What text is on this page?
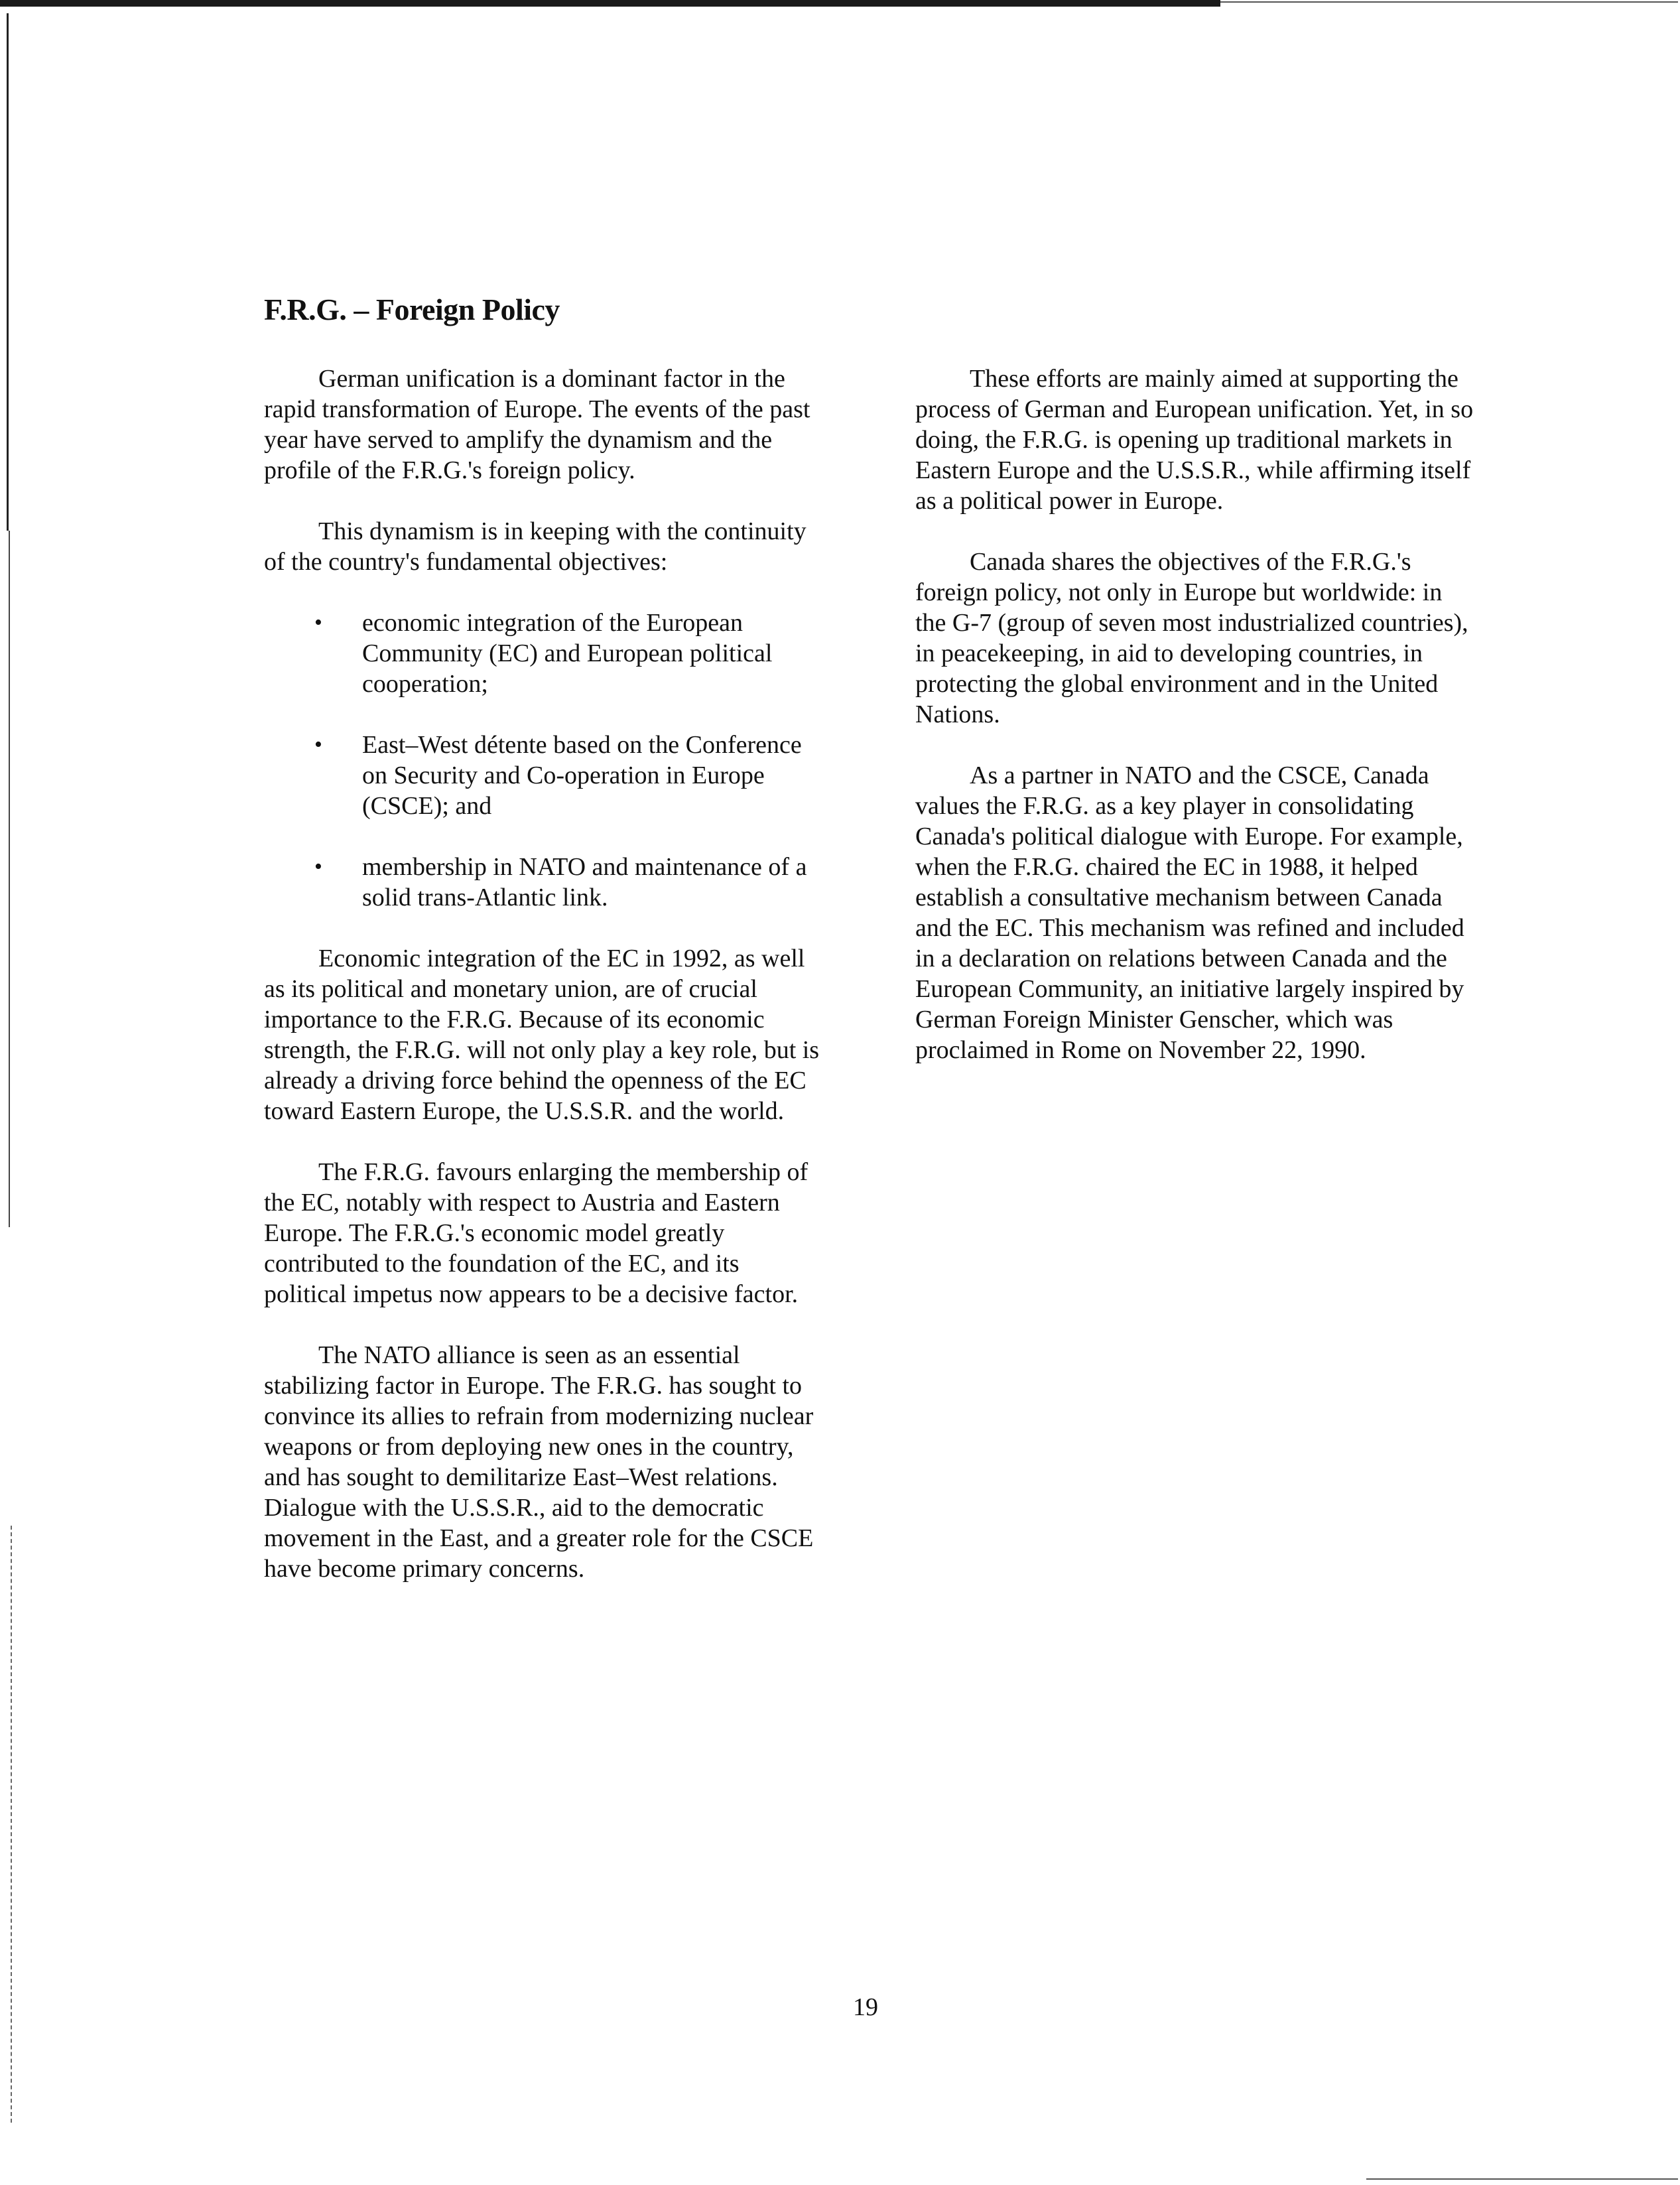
F.R.G. – Foreign Policy

German unification is a dominant factor in the rapid transformation of Europe. The events of the past year have served to amplify the dynamism and the profile of the F.R.G.'s foreign policy.

This dynamism is in keeping with the continuity of the country's fundamental objectives:

• economic integration of the European Community (EC) and European political cooperation;
• East–West détente based on the Conference on Security and Co-operation in Europe (CSCE); and
• membership in NATO and maintenance of a solid trans-Atlantic link.

Economic integration of the EC in 1992, as well as its political and monetary union, are of crucial importance to the F.R.G. Because of its economic strength, the F.R.G. will not only play a key role, but is already a driving force behind the openness of the EC toward Eastern Europe, the U.S.S.R. and the world.

The F.R.G. favours enlarging the membership of the EC, notably with respect to Austria and Eastern Europe. The F.R.G.'s economic model greatly contributed to the foundation of the EC, and its political impetus now appears to be a decisive factor.

The NATO alliance is seen as an essential stabilizing factor in Europe. The F.R.G. has sought to convince its allies to refrain from modernizing nuclear weapons or from deploying new ones in the country, and has sought to demilitarize East–West relations. Dialogue with the U.S.S.R., aid to the democratic movement in the East, and a greater role for the CSCE have become primary concerns.

These efforts are mainly aimed at supporting the process of German and European unification. Yet, in so doing, the F.R.G. is opening up traditional markets in Eastern Europe and the U.S.S.R., while affirming itself as a political power in Europe.

Canada shares the objectives of the F.R.G.'s foreign policy, not only in Europe but worldwide: in the G-7 (group of seven most industrialized countries), in peacekeeping, in aid to developing countries, in protecting the global environment and in the United Nations.

As a partner in NATO and the CSCE, Canada values the F.R.G. as a key player in consolidating Canada's political dialogue with Europe. For example, when the F.R.G. chaired the EC in 1988, it helped establish a consultative mechanism between Canada and the EC. This mechanism was refined and included in a declaration on relations between Canada and the European Community, an initiative largely inspired by German Foreign Minister Genscher, which was proclaimed in Rome on November 22, 1990.

19
